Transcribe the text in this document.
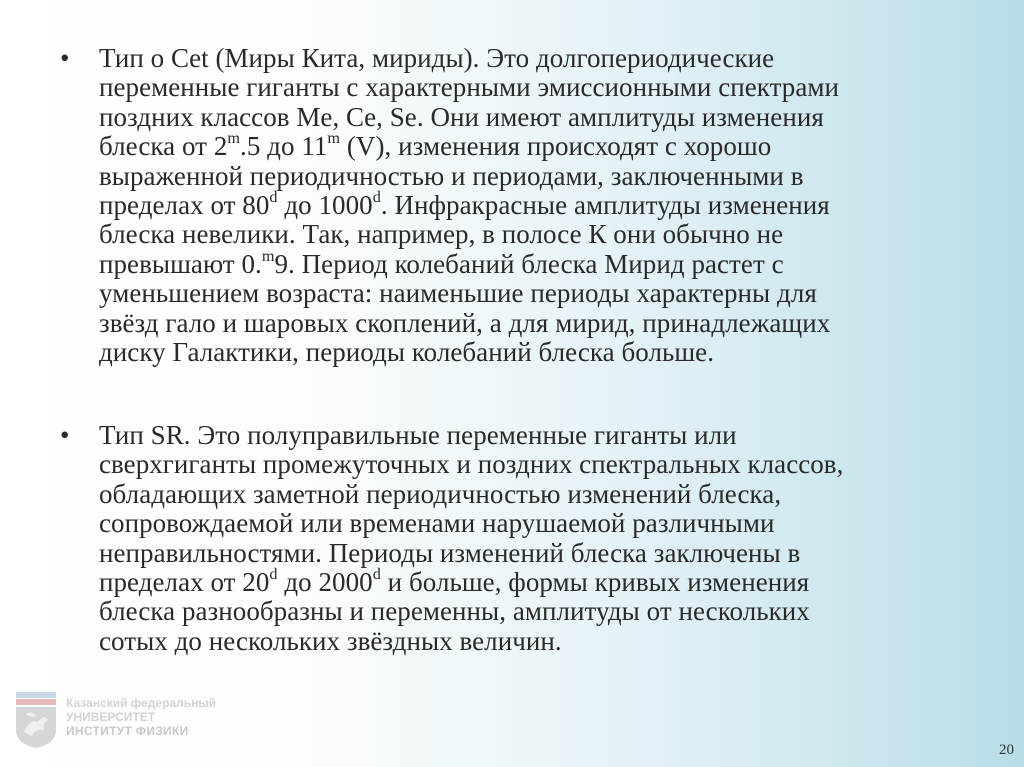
• Тип о Cet (Миры Кита, мириды). Это долгопериодические
переменные гиганты с характерными эмиссионными спектрами
поздних классов Me, Ce, Se. Они имеют амплитуды изменения
блеска от 2$^m$.5 до 11$^m$ (V), изменения происходят с хорошо
выраженной периодичностью и периодами, заключенными в
пределах от 80$^d$ до 1000$^d$. Инфракрасные амплитуды изменения
блеска невелики. Так, например, в полосе К они обычно не
превышают 0.$^m$9. Период колебаний блеска Мирид растет с
уменьшением возраста: наименьшие периоды характерны для
звёзд гало и шаровых скоплений, а для мирид, принадлежащих
диску Галактики, периоды колебаний блеска больше.
• Тип SR. Это полуправильные переменные гиганты или
сверхгиганты промежуточных и поздних спектральных классов,
обладающих заметной периодичностью изменений блеска,
сопровождаемой или временами нарушаемой различными
неправильностями. Периоды изменений блеска заключены в
пределах от 20$^d$ до 2000$^d$ и больше, формы кривых изменения
блеска разнообразны и переменны, амплитуды от нескольких
сотых до нескольких звёздных величин.
Казанский федеральный
УНИВЕРСИТЕТ
ИНСТИТУТ ФИЗИКИ
20
